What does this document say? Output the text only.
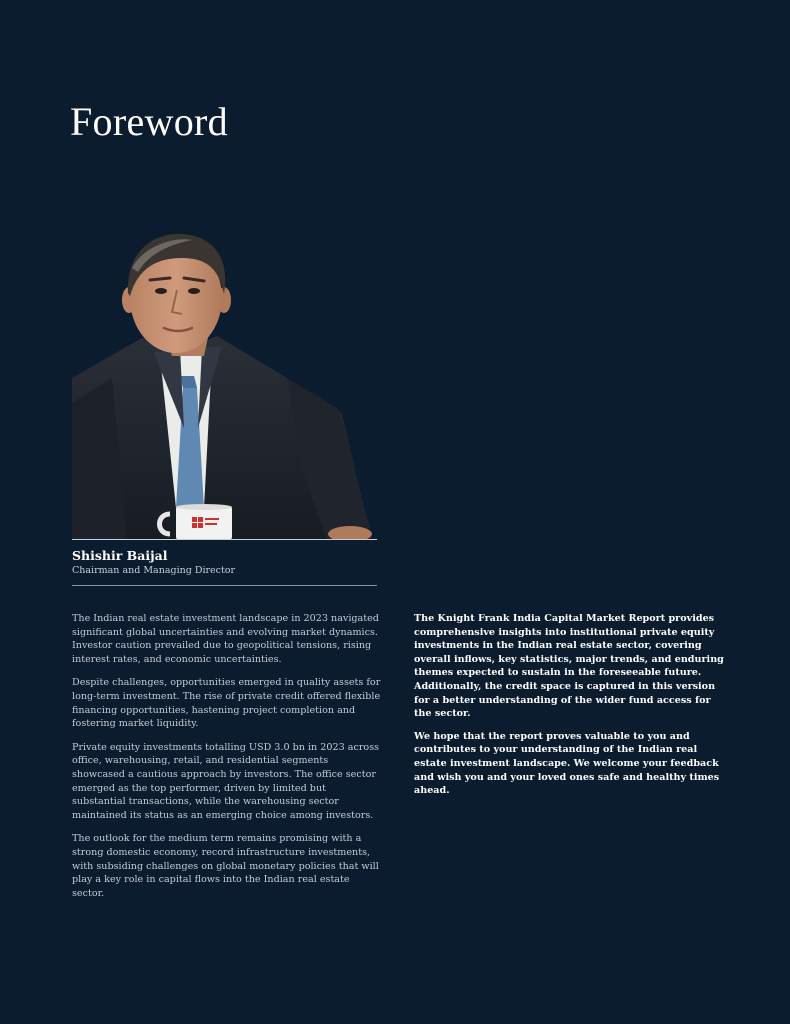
Foreword
Shishir Baijal
Chairman and Managing Director

The Indian real estate investment landscape in 2023 navigated significant global uncertainties and evolving market dynamics. Investor caution prevailed due to geopolitical tensions, rising interest rates, and economic uncertainties.

Despite challenges, opportunities emerged in quality assets for long-term investment. The rise of private credit offered flexible financing opportunities, hastening project completion and fostering market liquidity.

Private equity investments totalling USD 3.0 bn in 2023 across office, warehousing, retail, and residential segments showcased a cautious approach by investors. The office sector emerged as the top performer, driven by limited but substantial transactions, while the warehousing sector maintained its status as an emerging choice among investors.

The outlook for the medium term remains promising with a strong domestic economy, record infrastructure investments, with subsiding challenges on global monetary policies that will play a key role in capital flows into the Indian real estate sector.

The Knight Frank India Capital Market Report provides comprehensive insights into institutional private equity investments in the Indian real estate sector, covering overall inflows, key statistics, major trends, and enduring themes expected to sustain in the foreseeable future. Additionally, the credit space is captured in this version for a better understanding of the wider fund access for the sector.

We hope that the report proves valuable to you and contributes to your understanding of the Indian real estate investment landscape. We welcome your feedback and wish you and your loved ones safe and healthy times ahead.
